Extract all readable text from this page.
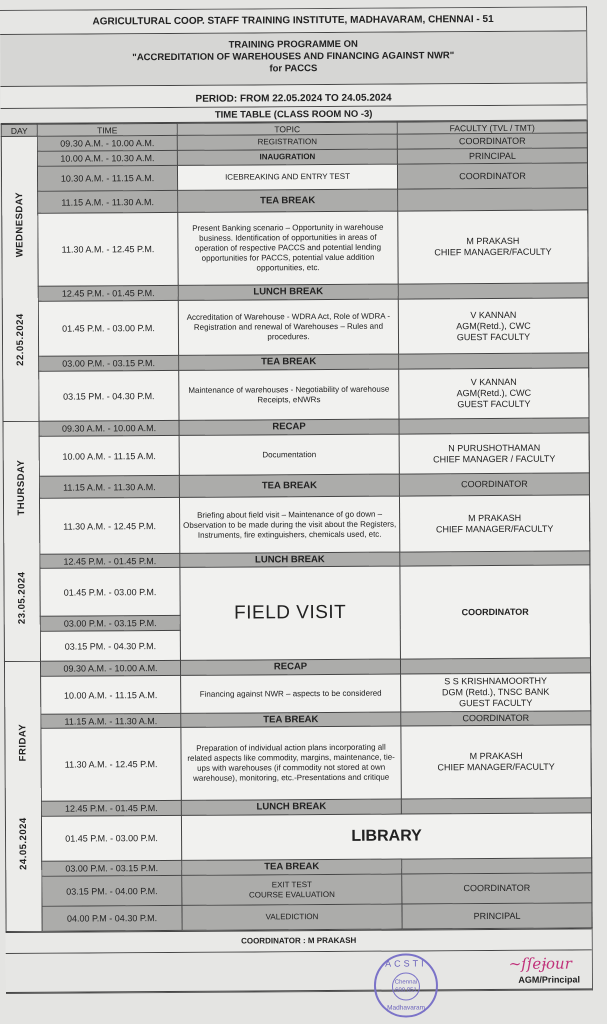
AGRICULTURAL COOP. STAFF TRAINING INSTITUTE, MADHAVARAM, CHENNAI - 51
TRAINING PROGRAMME ON
"ACCREDITATION OF WAREHOUSES AND FINANCING AGAINST NWR"
for PACCS
PERIOD: FROM 22.05.2024 TO 24.05.2024
TIME TABLE (CLASS ROOM NO -3)
DAY	TIME	TOPIC	FACULTY (TVL / TMT)

22.05.2024WEDNESDAY	09.30 A.M. - 10.00 A.M.	REGISTRATION	COORDINATOR
	10.00 A.M. - 10.30 A.M.	INAUGRATION	PRINCIPAL
	10.30 A.M. - 11.15 A.M.	ICEBREAKING AND ENTRY TEST	COORDINATOR
	11.15 A.M. - 11.30 A.M.	TEA BREAK	
	11.30 A.M. - 12.45 P.M.	Present Banking scenario – Opportunity in warehouse business. Identification of opportunities in areas of operation of respective PACCS and potential lending opportunities for PACCS, potential value addition opportunities, etc.	M PRAKASH
CHIEF MANAGER/FACULTY
	12.45 P.M. - 01.45 P.M.	LUNCH BREAK	
	01.45 P.M. - 03.00 P.M.	Accreditation of Warehouse - WDRA Act, Role of WDRA - Registration and renewal of Warehouses – Rules and procedures.	V KANNAN
AGM(Retd.), CWC
GUEST FACULTY
	03.00 P.M. - 03.15 P.M.	TEA BREAK	
	03.15 PM. - 04.30 P.M.	Maintenance of warehouses - Negotiability of warehouse Receipts, eNWRs	V KANNAN
AGM(Retd.), CWC
GUEST FACULTY

23.05.2024THURSDAY	09.30 A.M. - 10.00 A.M.	RECAP	
	10.00 A.M. - 11.15 A.M.	Documentation	N PURUSHOTHAMAN
CHIEF MANAGER / FACULTY
	11.15 A.M. - 11.30 A.M.	TEA BREAK	COORDINATOR
	11.30 A.M. - 12.45 P.M.	Briefing about field visit – Maintenance of go down – Observation to be made during the visit about the Registers, Instruments, fire extinguishers, chemicals used, etc.	M PRAKASH
CHIEF MANAGER/FACULTY
	12.45 P.M. - 01.45 P.M.	LUNCH BREAK	
	01.45 P.M. - 03.00 P.M.	FIELD VISIT	COORDINATOR
	03.00 P.M. - 03.15 P.M.		
	03.15 PM. - 04.30 P.M.		

24.05.2024FRIDAY	09.30 A.M. - 10.00 A.M.	RECAP	
	10.00 A.M. - 11.15 A.M.	Financing against NWR – aspects to be considered	S S KRISHNAMOORTHY
DGM (Retd.), TNSC BANK
GUEST FACULTY
	11.15 A.M. - 11.30 A.M.	TEA BREAK	COORDINATOR
	11.30 A.M. - 12.45 P.M.	Preparation of individual action plans incorporating all related aspects like commodity, margins, maintenance, tie-ups with warehouses (if commodity not stored at own warehouse), monitoring, etc.-Presentations and critique	M PRAKASH
CHIEF MANAGER/FACULTY
	12.45 P.M. - 01.45 P.M.	LUNCH BREAK	
	01.45 P.M. - 03.00 P.M.	LIBRARY	
	03.00 P.M. - 03.15 P.M.	TEA BREAK	
	03.15 PM. - 04.00 P.M.	EXIT TEST
COURSE EVALUATION	COORDINATOR
	04.00 P.M - 04.30 P.M.	VALEDICTION	PRINCIPAL
COORDINATOR : M PRAKASH
ACSTI
Chennai
600 051
Madhavaram
~ſſeɉour
AGM/Principal
